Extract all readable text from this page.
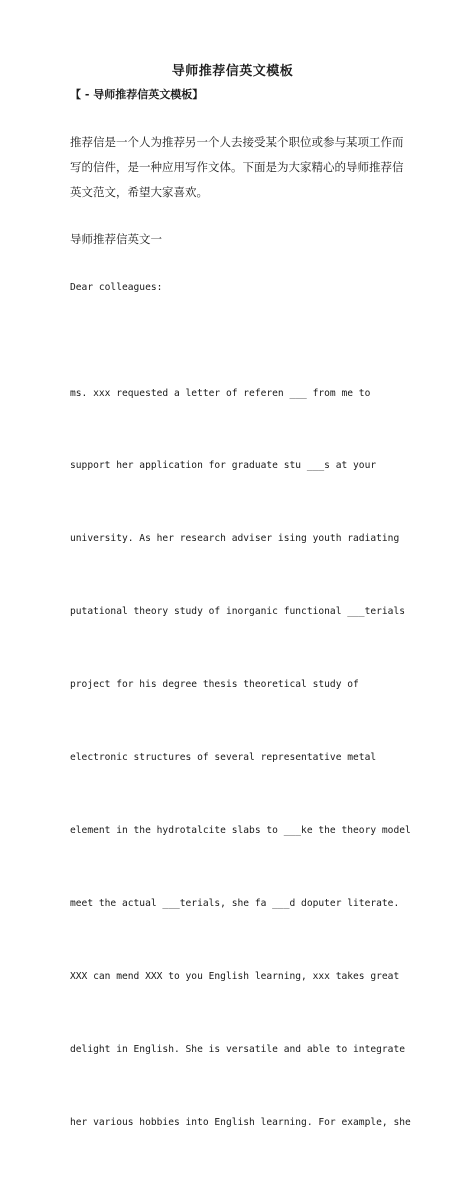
导师推荐信英文模板
【 - 导师推荐信英文模板】
推荐信是一个人为推荐另一个人去接受某个职位或参与某项工作而
写的信件，是一种应用写作文体。下面是为大家精心的导师推荐信
英文范文，希望大家喜欢。
导师推荐信英文一
Dear colleagues:

ms. xxx requested a letter of referen ___ from me to

support her application for graduate stu ___s at your

university. As her research adviser ising youth radiating

putational theory study of inorganic functional ___terials

project for his degree thesis theoretical study of

electronic structures of several representative metal

element in the hydrotalcite slabs to ___ke the theory model

meet the actual ___terials, she fa ___d doputer literate.

XXX can mend XXX to you English learning, xxx takes great

delight in English. She is versatile and able to integrate

her various hobbies into English learning. For example, she
